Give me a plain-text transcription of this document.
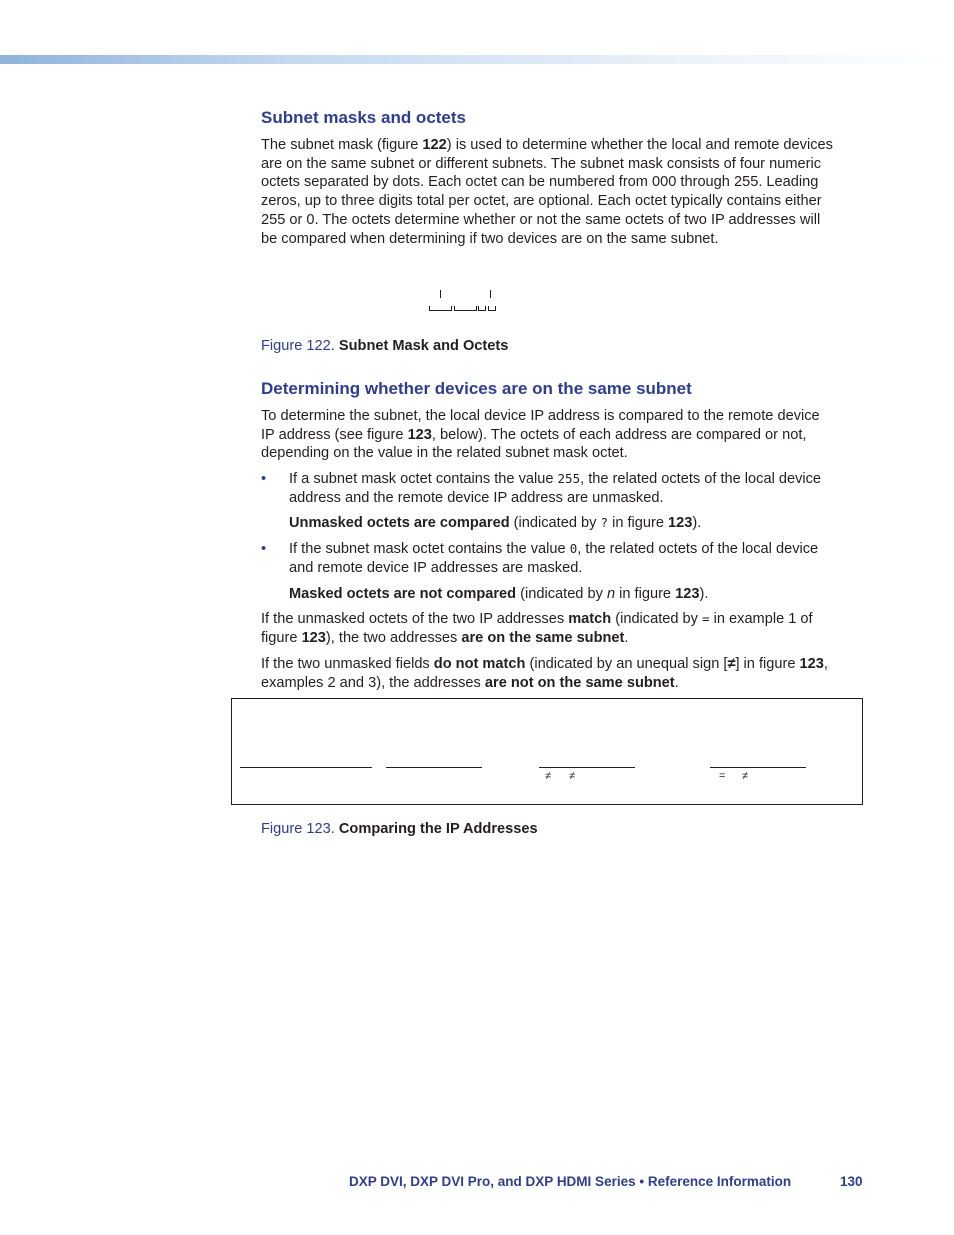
Subnet masks and octets
The subnet mask (figure 122) is used to determine whether the local and remote devices
are on the same subnet or different subnets. The subnet mask consists of four numeric
octets separated by dots. Each octet can be numbered from 000 through 255. Leading
zeros, up to three digits total per octet, are optional. Each octet typically contains either
255 or 0. The octets determine whether or not the same octets of two IP addresses will
be compared when determining if two devices are on the same subnet.
Figure 122. Subnet Mask and Octets
Determining whether devices are on the same subnet
To determine the subnet, the local device IP address is compared to the remote device
IP address (see figure 123, below). The octets of each address are compared or not,
depending on the value in the related subnet mask octet.
• If a subnet mask octet contains the value 255, the related octets of the local device
address and the remote device IP address are unmasked.
Unmasked octets are compared (indicated by ? in figure 123).
• If the subnet mask octet contains the value 0, the related octets of the local device
and remote device IP addresses are masked.
Masked octets are not compared (indicated by n in figure 123).
If the unmasked octets of the two IP addresses match (indicated by = in example 1 of
figure 123), the two addresses are on the same subnet.
If the two unmasked fields do not match (indicated by an unequal sign [≠] in figure 123,
examples 2 and 3), the addresses are not on the same subnet.
≠ ≠	= ≠
Figure 123. Comparing the IP Addresses
DXP DVI, DXP DVI Pro, and DXP HDMI Series • Reference Information	130
